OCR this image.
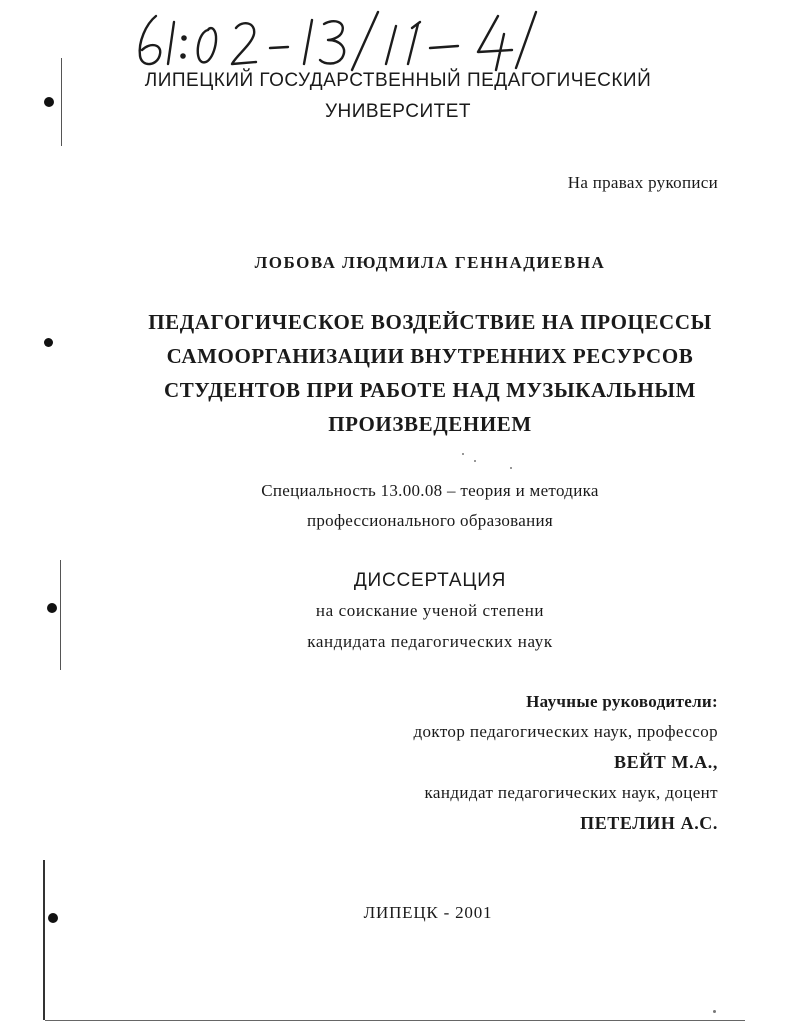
ЛИПЕЦКИЙ ГОСУДАРСТВЕННЫЙ ПЕДАГОГИЧЕСКИЙ
УНИВЕРСИТЕТ
На правах рукописи
ЛОБОВА ЛЮДМИЛА ГЕННАДИЕВНА
ПЕДАГОГИЧЕСКОЕ ВОЗДЕЙСТВИЕ НА ПРОЦЕССЫ
САМООРГАНИЗАЦИИ ВНУТРЕННИХ РЕСУРСОВ
СТУДЕНТОВ ПРИ РАБОТЕ НАД МУЗЫКАЛЬНЫМ
ПРОИЗВЕДЕНИЕМ
Специальность 13.00.08 – теория и методика
профессионального образования
ДИССЕРТАЦИЯ
на соискание ученой степени
кандидата педагогических наук
Научные руководители:
доктор педагогических наук, профессор
ВЕЙТ М.А.,
кандидат педагогических наук, доцент
ПЕТЕЛИН А.С.
ЛИПЕЦК - 2001
